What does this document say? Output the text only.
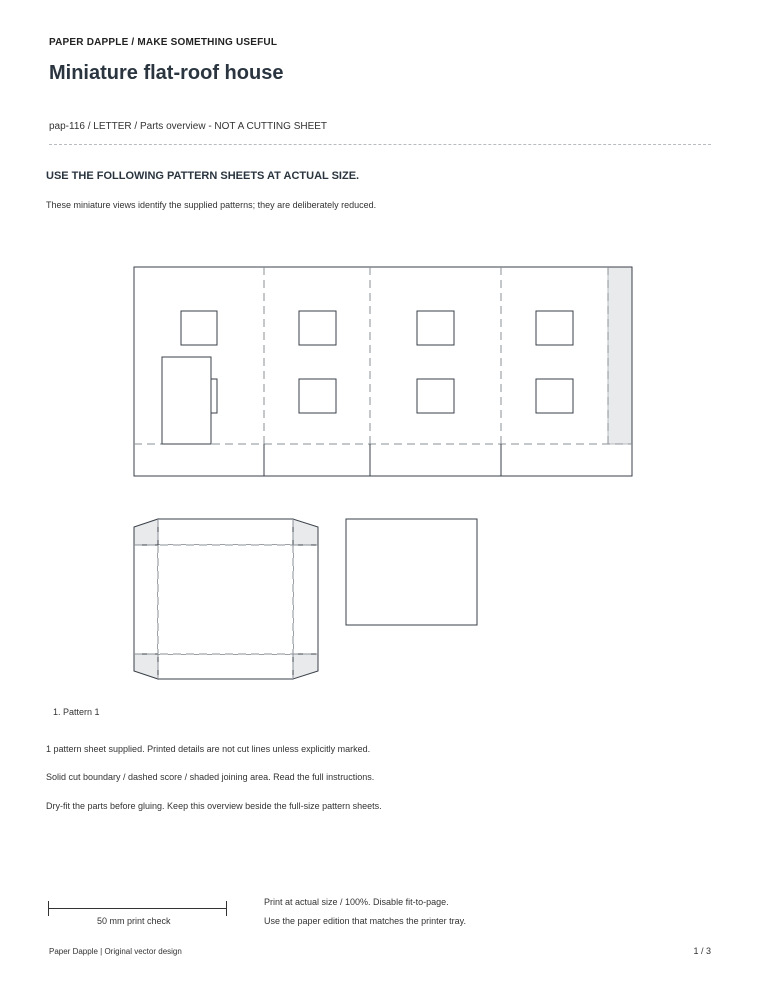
PAPER DAPPLE / MAKE SOMETHING USEFUL
Miniature flat-roof house
pap-116 / LETTER / Parts overview - NOT A CUTTING SHEET
USE THE FOLLOWING PATTERN SHEETS AT ACTUAL SIZE.
These miniature views identify the supplied patterns; they are deliberately reduced.
1. Pattern 1
1 pattern sheet supplied. Printed details are not cut lines unless explicitly marked.
Solid cut boundary / dashed score / shaded joining area. Read the full instructions.
Dry-fit the parts before gluing. Keep this overview beside the full-size pattern sheets.
50 mm print check
Print at actual size / 100%. Disable fit-to-page.
Use the paper edition that matches the printer tray.
Paper Dapple | Original vector design	1 / 3
